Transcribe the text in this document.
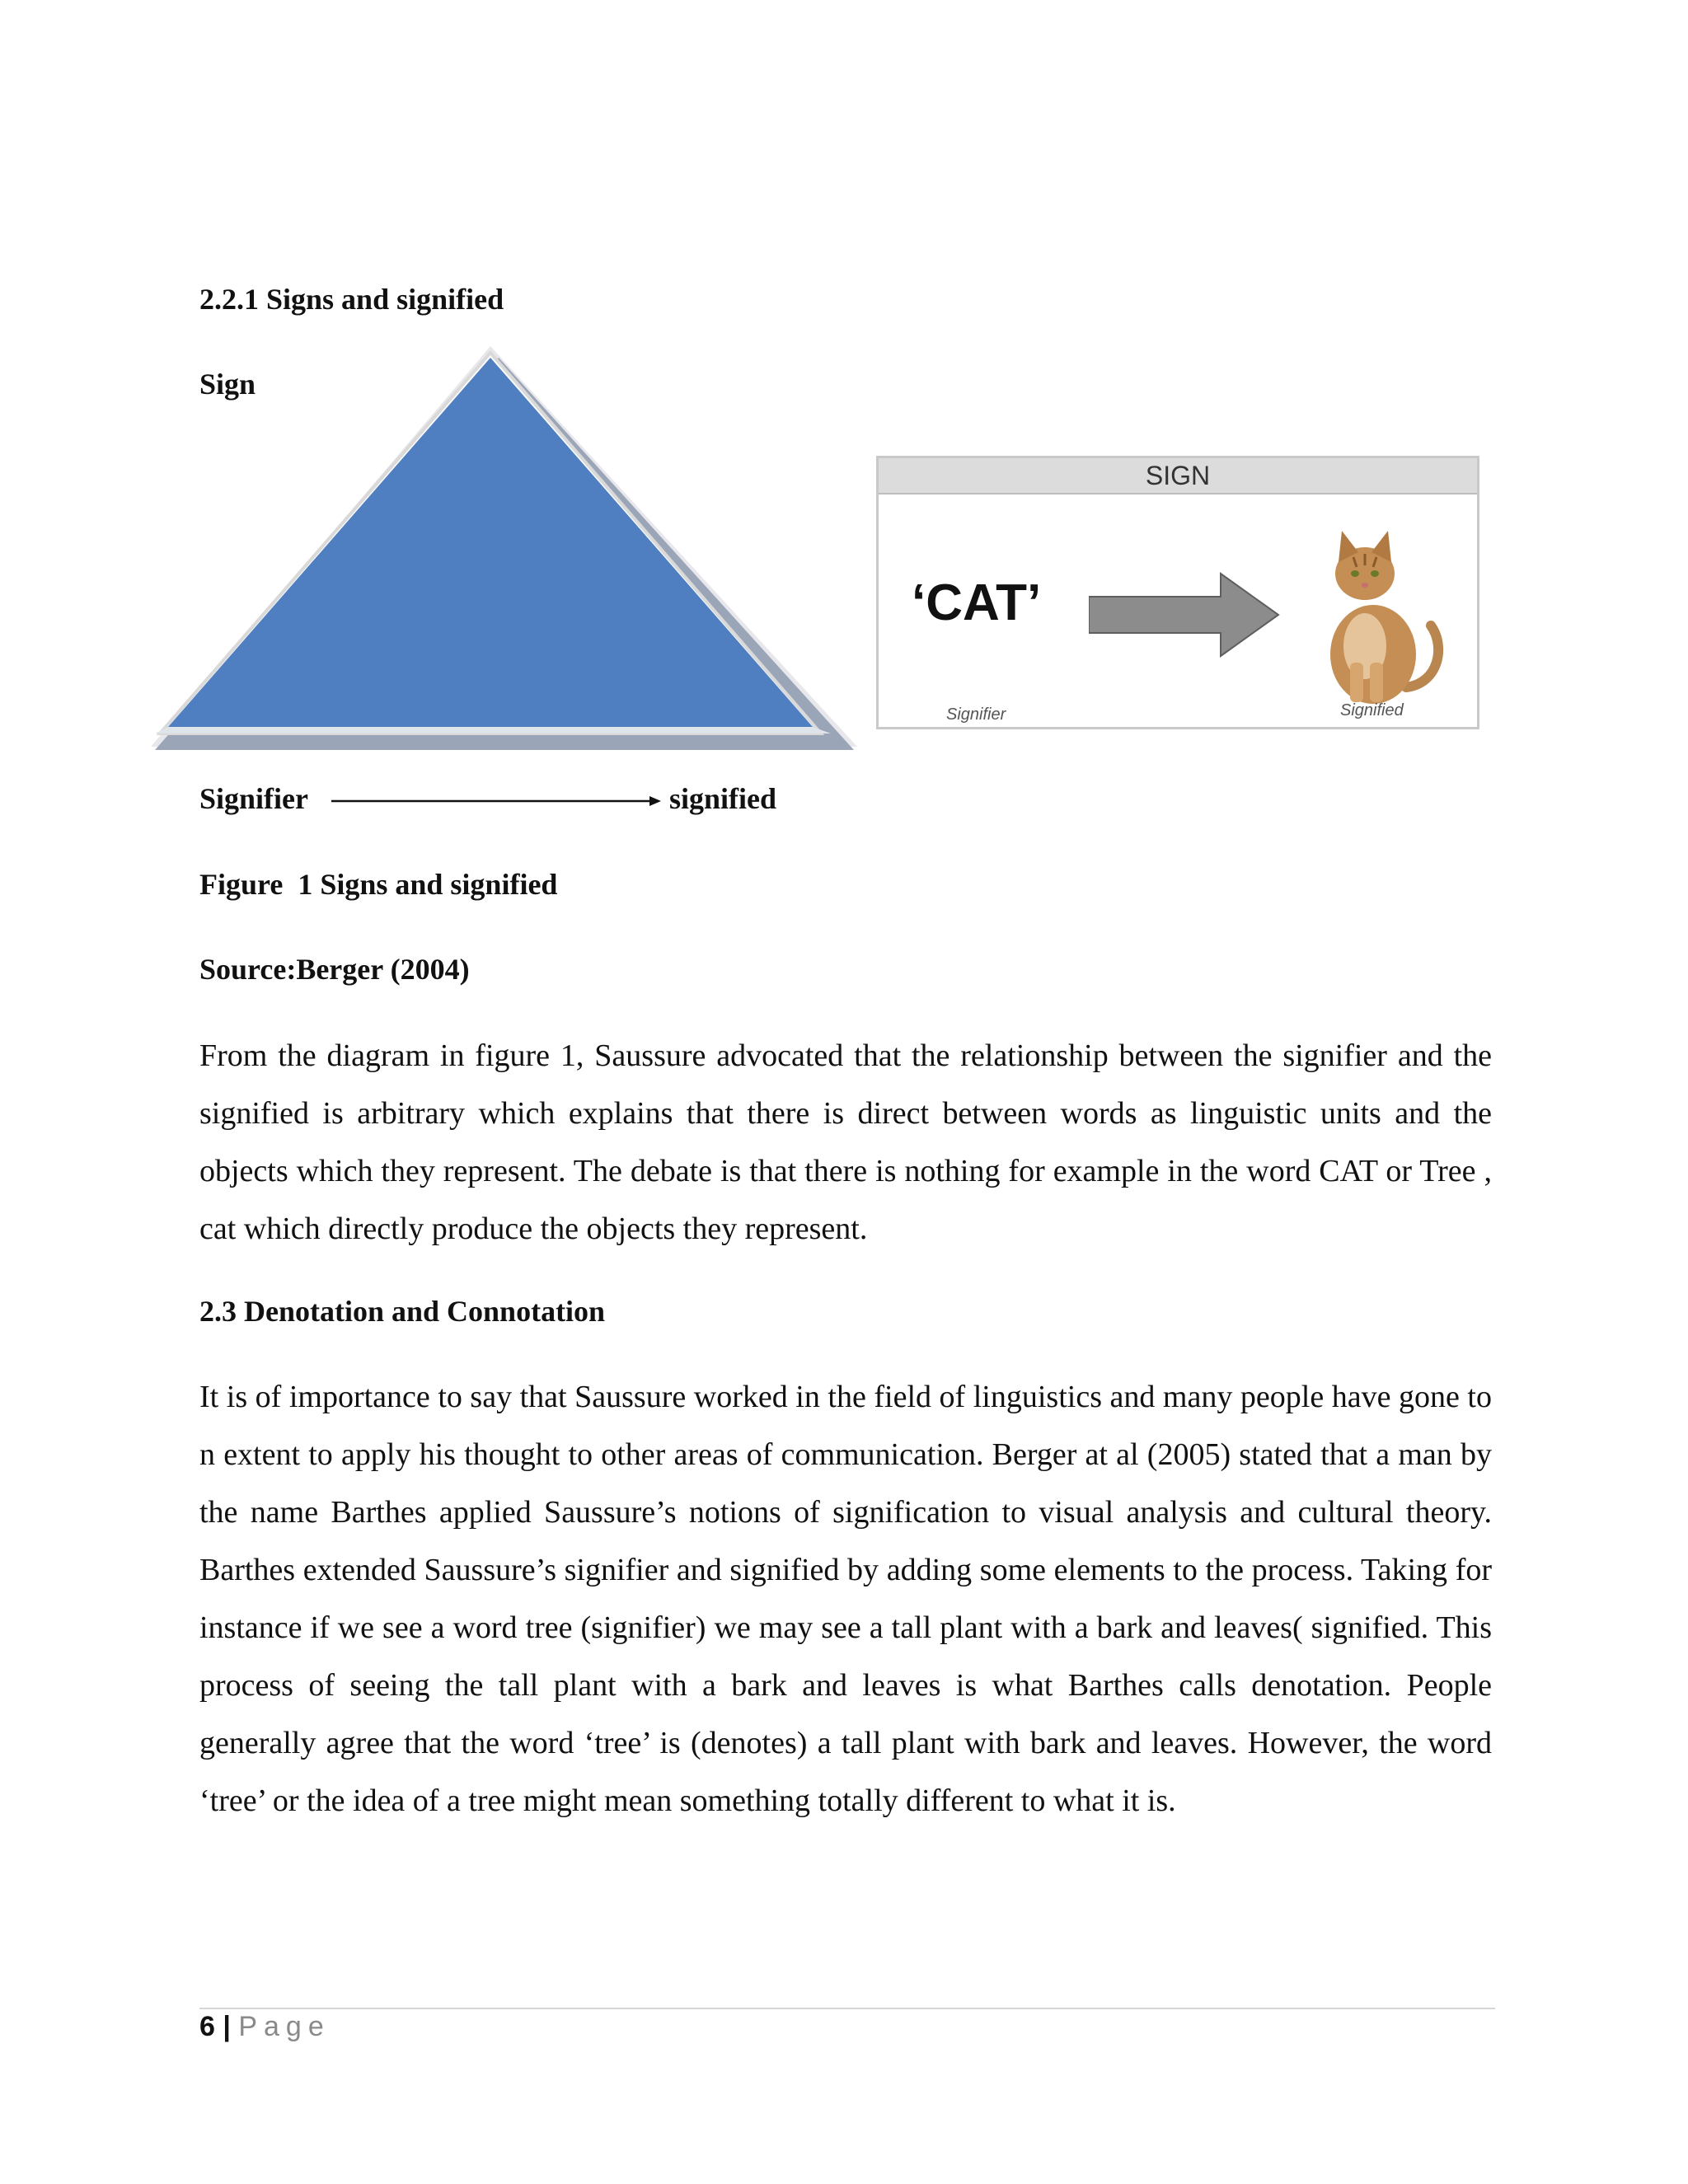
2.2.1 Signs and signified
Sign
SIGN
‘CAT’
Signifier	Signified
Signifier	signified
Figure  1 Signs and signified
Source:Berger (2004)

From the diagram in figure 1, Saussure advocated that the relationship between the signifier and the signified is arbitrary which explains that there is direct between words as linguistic units and the objects which they represent. The debate is that there is nothing for example in the word CAT or Tree , cat which directly produce the objects they represent.

2.3 Denotation and Connotation

It is of importance to say that Saussure worked in the field of linguistics and many people have gone to n extent to apply his thought to other areas of communication. Berger at al (2005) stated that a man by the name Barthes applied Saussure’s notions of signification to visual analysis and cultural theory. Barthes extended Saussure’s signifier and signified by adding some elements to the process. Taking for instance if we see a word tree (signifier) we may see a tall plant with a bark and leaves( signified. This process of seeing the tall plant with a bark and leaves is what Barthes calls denotation. People generally agree that the word ‘tree’ is (denotes) a tall plant with bark and leaves. However, the word ‘tree’ or the idea of a tree might mean something totally different to what it is.

6 | Page
